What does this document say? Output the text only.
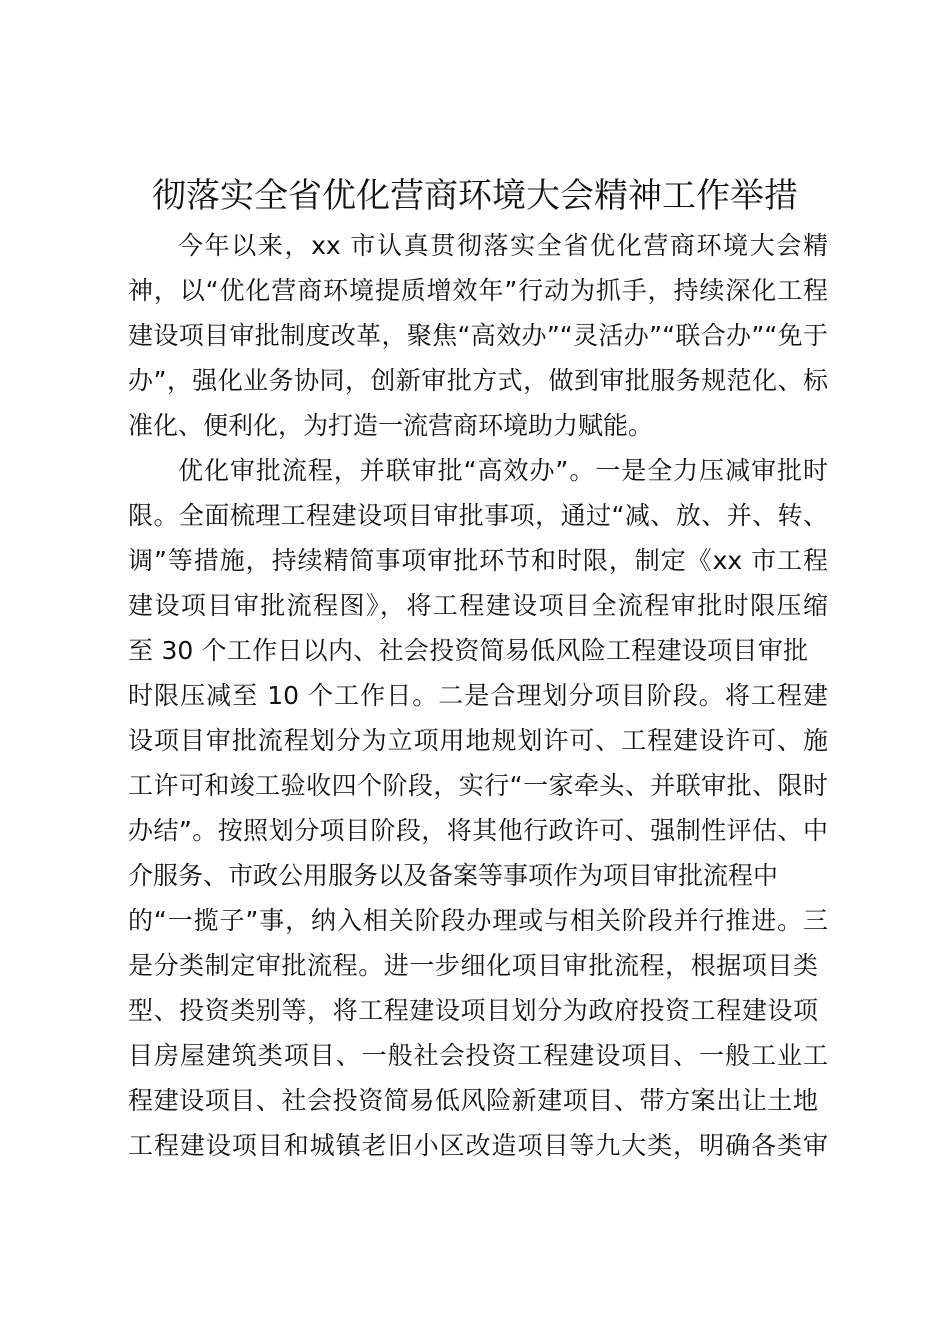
彻落实全省优化营商环境大会精神工作举措
今年以来，xx 市认真贯彻落实全省优化营商环境大会精
神，以“优化营商环境提质增效年”行动为抓手，持续深化工程
建设项目审批制度改革，聚焦“高效办”“灵活办”“联合办”“免于
办”，强化业务协同，创新审批方式，做到审批服务规范化、标
准化、便利化，为打造一流营商环境助力赋能。
优化审批流程，并联审批“高效办”。一是全力压减审批时
限。全面梳理工程建设项目审批事项，通过“减、放、并、转、
调”等措施，持续精简事项审批环节和时限，制定《xx 市工程
建设项目审批流程图》，将工程建设项目全流程审批时限压缩
至 30 个工作日以内、社会投资简易低风险工程建设项目审批
时限压减至 10 个工作日。二是合理划分项目阶段。将工程建
设项目审批流程划分为立项用地规划许可、工程建设许可、施
工许可和竣工验收四个阶段，实行“一家牵头、并联审批、限时
办结”。按照划分项目阶段，将其他行政许可、强制性评估、中
介服务、市政公用服务以及备案等事项作为项目审批流程中
的“一揽子”事，纳入相关阶段办理或与相关阶段并行推进。三
是分类制定审批流程。进一步细化项目审批流程，根据项目类
型、投资类别等，将工程建设项目划分为政府投资工程建设项
目房屋建筑类项目、一般社会投资工程建设项目、一般工业工
程建设项目、社会投资简易低风险新建项目、带方案出让土地
工程建设项目和城镇老旧小区改造项目等九大类，明确各类审
